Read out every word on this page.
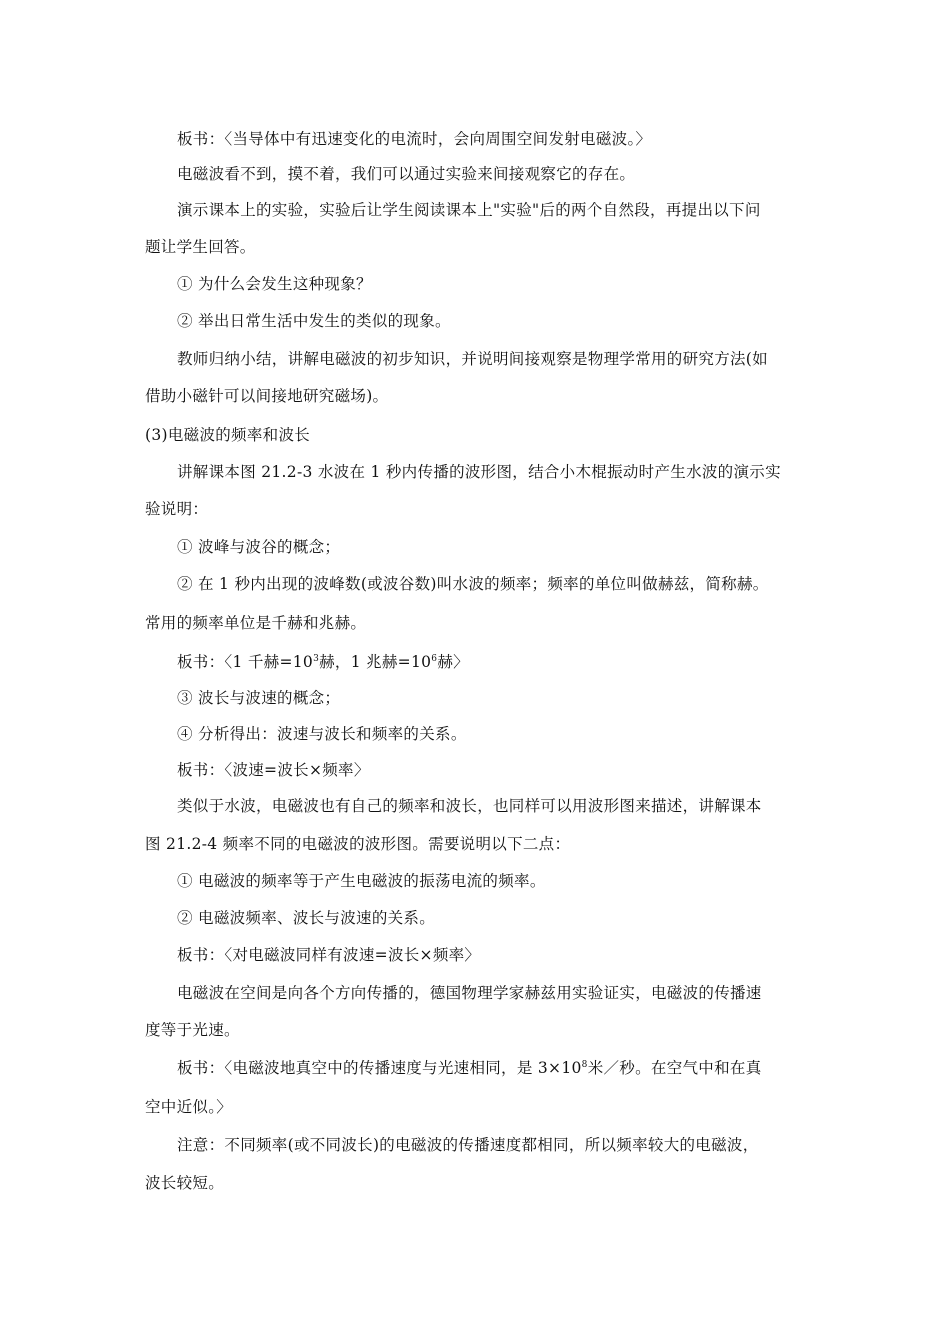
板书：〈当导体中有迅速变化的电流时，会向周围空间发射电磁波。〉
电磁波看不到，摸不着，我们可以通过实验来间接观察它的存在。
演示课本上的实验，实验后让学生阅读课本上"实验"后的两个自然段，再提出以下问
题让学生回答。
① 为什么会发生这种现象？
② 举出日常生活中发生的类似的现象。
教师归纳小结，讲解电磁波的初步知识，并说明间接观察是物理学常用的研究方法(如
借助小磁针可以间接地研究磁场)。
(3)电磁波的频率和波长
讲解课本图 21.2-3 水波在 1 秒内传播的波形图，结合小木棍振动时产生水波的演示实
验说明：
① 波峰与波谷的概念；
② 在 1 秒内出现的波峰数(或波谷数)叫水波的频率；频率的单位叫做赫兹，简称赫。
常用的频率单位是千赫和兆赫。
板书：〈1 千赫$=10^3$赫，1 兆赫$=10^6$赫〉
③ 波长与波速的概念；
④ 分析得出：波速与波长和频率的关系。
板书：〈波速=波长×频率〉
类似于水波，电磁波也有自己的频率和波长，也同样可以用波形图来描述，讲解课本
图 21.2-4 频率不同的电磁波的波形图。需要说明以下二点：
① 电磁波的频率等于产生电磁波的振荡电流的频率。
② 电磁波频率、波长与波速的关系。
板书：〈对电磁波同样有波速=波长×频率〉
电磁波在空间是向各个方向传播的，德国物理学家赫兹用实验证实，电磁波的传播速
度等于光速。
板书：〈电磁波地真空中的传播速度与光速相同，是 $3\times 10^8$米／秒。在空气中和在真
空中近似。〉
注意：不同频率(或不同波长)的电磁波的传播速度都相同，所以频率较大的电磁波，
波长较短。
